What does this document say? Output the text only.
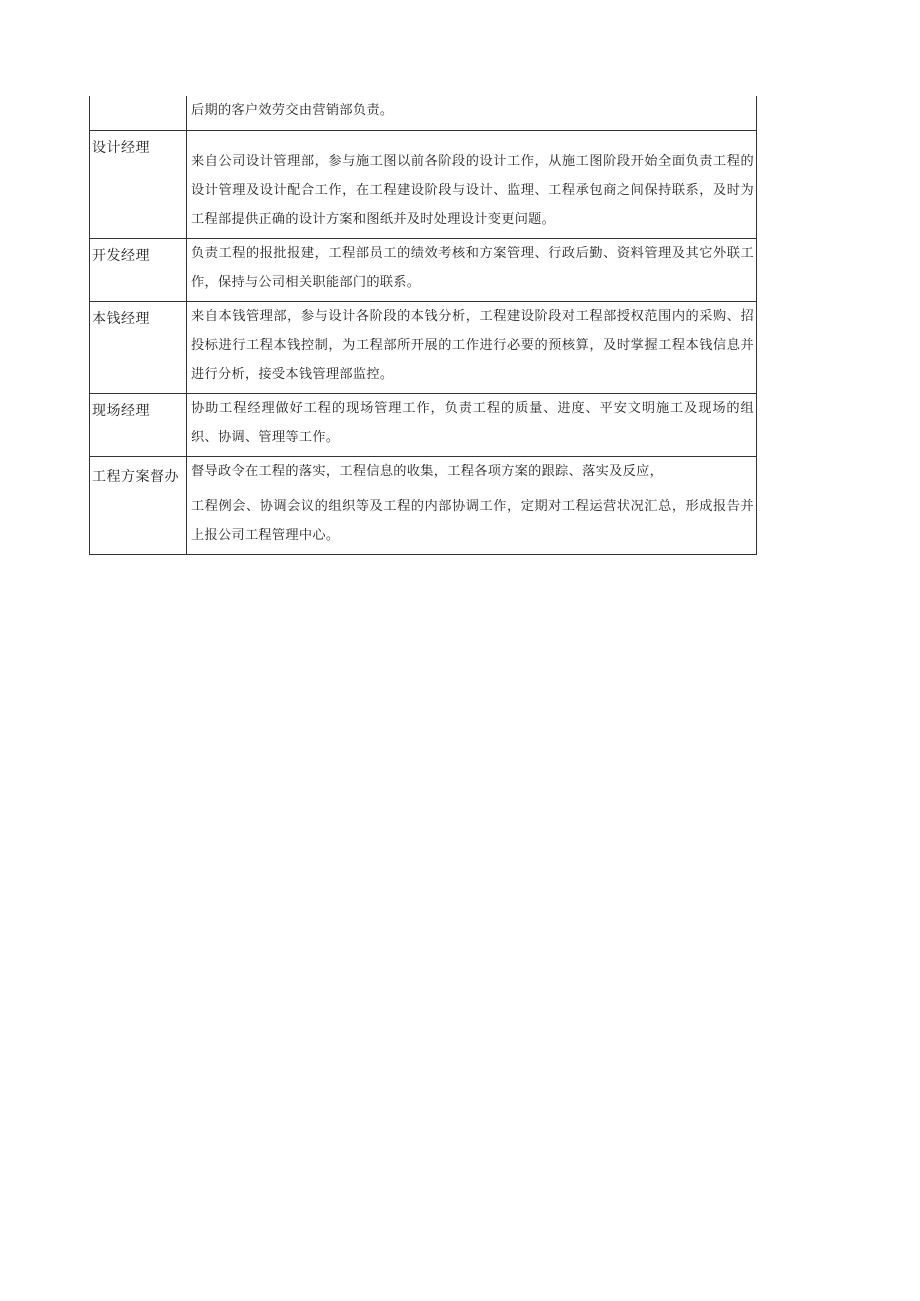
	后期的客户效劳交由营销部负责。

设计经理	来自公司设计管理部，参与施工图以前各阶段的设计工作，从施工图阶段开始全面负责工程的设计管理及设计配合工作，在工程建设阶段与设计、监理、工程承包商之间保持联系，及时为工程部提供正确的设计方案和图纸并及时处理设计变更问题。

开发经理	负责工程的报批报建，工程部员工的绩效考核和方案管理、行政后勤、资料管理及其它外联工作，保持与公司相关职能部门的联系。

本钱经理	来自本钱管理部，参与设计各阶段的本钱分析，工程建设阶段对工程部授权范围内的采购、招投标进行工程本钱控制，为工程部所开展的工作进行必要的预核算，及时掌握工程本钱信息并进行分析，接受本钱管理部监控。

现场经理	协助工程经理做好工程的现场管理工作，负责工程的质量、进度、平安文明施工及现场的组织、协调、管理等工作。

工程方案督办	督导政令在工程的落实，工程信息的收集，工程各项方案的跟踪、落实及反应，
工程例会、协调会议的组织等及工程的内部协调工作，定期对工程运营状况汇总，形成报告并上报公司工程管理中心。
